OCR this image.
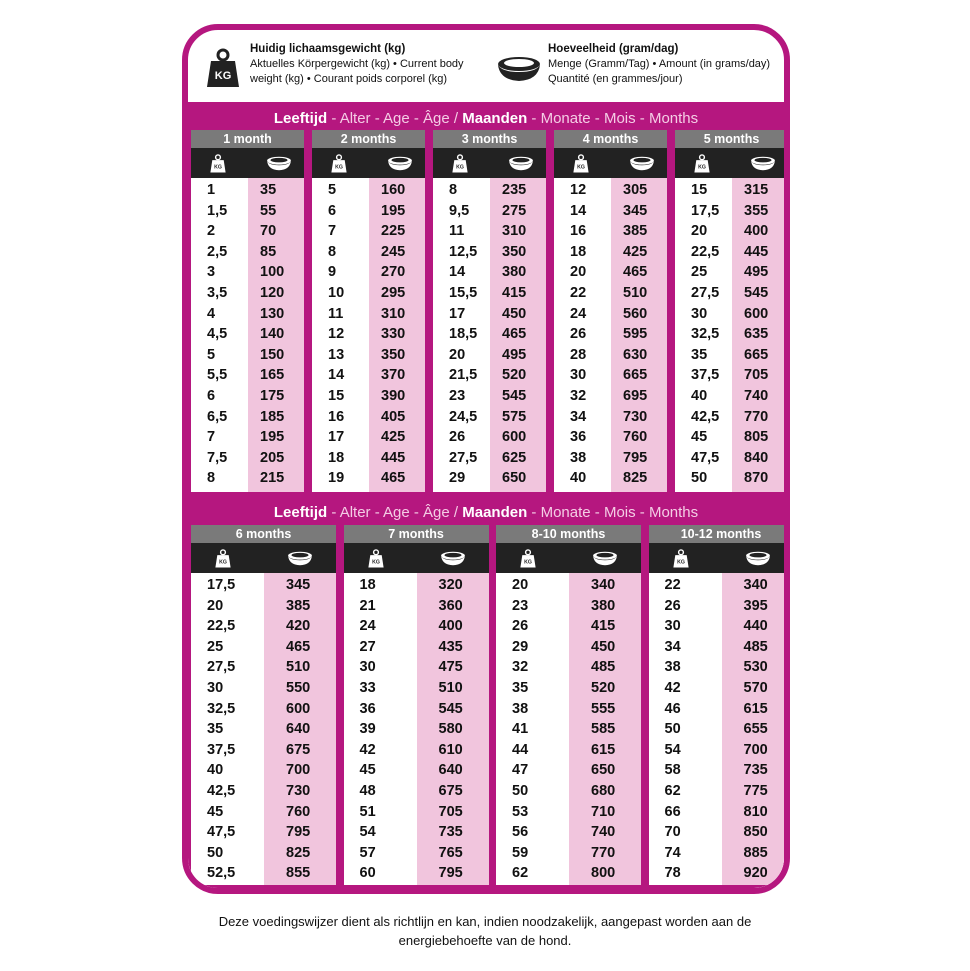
KG
Huidig lichaamsgewicht (kg)
Aktuelles Körpergewicht (kg) • Current body
weight (kg) • Courant poids corporel (kg)
Hoeveelheid (gram/dag)
Menge (Gramm/Tag) • Amount (in grams/day)
Quantité (en grammes/jour)
Leeftijd - Alter - Age - Âge / Maanden - Monate - Mois - Months
Leeftijd - Alter - Age - Âge / Maanden - Monate - Mois - Months
1 month
KG
1	35
1,5 55
2	70
2,5 85
3	100
3,5 120
4	130
4,5 140
5	150
5,5 165
6	175
6,5 185
7	195
7,5 205
8	215
2 months
KG
5	160
6	195
7	225
8	245
9	270
10	295
11	310
12	330
13	350
14	370
15	390
16	405
17	425
18	445
19	465
3 months
KG
8	235
9,5 275
11	310
12,5 350
14	380
15,5 415
17	450
18,5 465
20	495
21,5 520
23	545
24,5 575
26	600
27,5 625
29	650
4 months
KG
12	305
14	345
16	385
18	425
20	465
22	510
24	560
26	595
28	630
30	665
32	695
34	730
36	760
38	795
40	825
5 months
KG
15	315
17,5 355
20	400
22,5 445
25	495
27,5 545
30	600
32,5 635
35	665
37,5 705
40	740
42,5 770
45	805
47,5 840
50	870
6 months
KG
17,5	345
20	385
22,5	420
25	465
27,5	510
30	550
32,5	600
35	640
37,5	675
40	700
42,5	730
45	760
47,5	795
50	825
52,5	855
7 months
KG
18	320
21	360
24	400
27	435
30	475
33	510
36	545
39	580
42	610
45	640
48	675
51	705
54	735
57	765
60	795
8-10 months
KG
20	340
23	380
26	415
29	450
32	485
35	520
38	555
41	585
44	615
47	650
50	680
53	710
56	740
59	770
62	800
10-12 months
KG
22	340
26	395
30	440
34	485
38	530
42	570
46	615
50	655
54	700
58	735
62	775
66	810
70	850
74	885
78	920
Deze voedingswijzer dient als richtlijn en kan, indien noodzakelijk, aangepast worden aan de
energiebehoefte van de hond.
